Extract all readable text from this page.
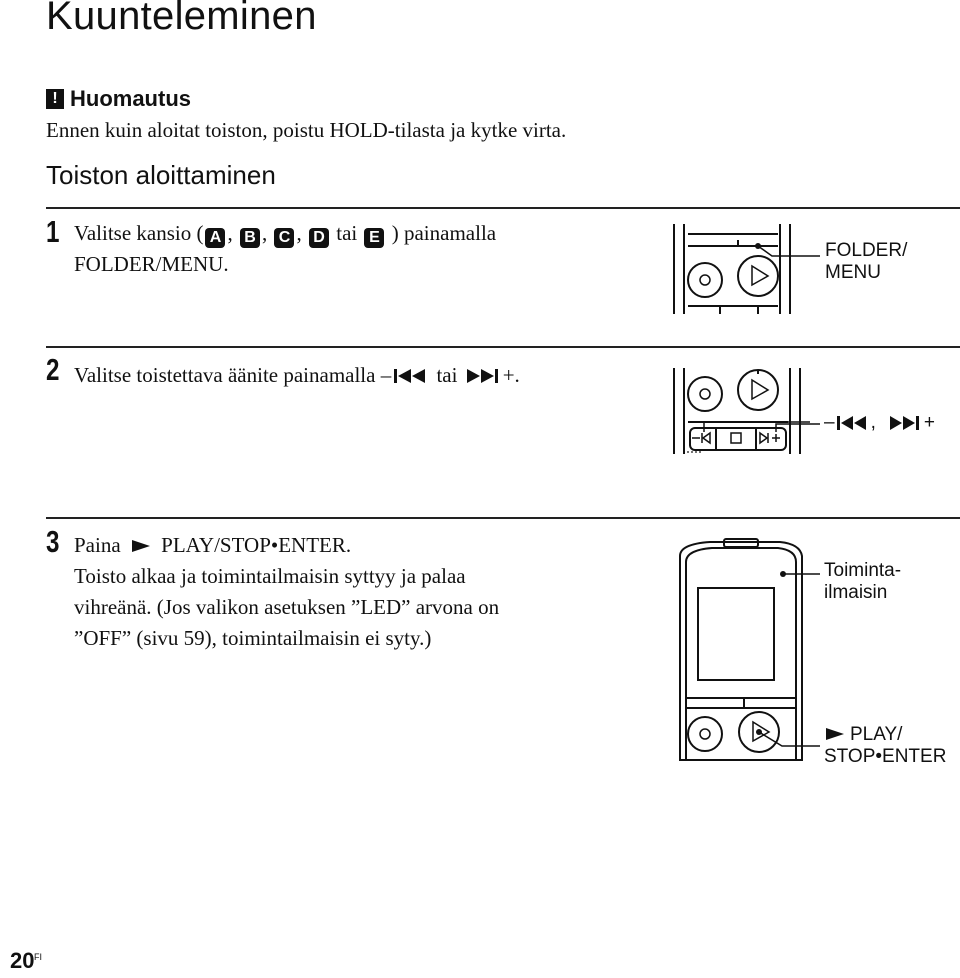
Kuunteleminen
! Huomautus
Ennen kuin aloitat toiston, poistu HOLD-tilasta ja kytke virta.
Toiston aloittaminen
1 Valitse kansio ( A , B , C , D tai E ) painamalla
FOLDER/MENU.
FOLDER/
MENU
2 Valitse toistettava äänite painamalla – tai +.
– ,	+
3 Paina PLAY/STOP•ENTER.
Toisto alkaa ja toimintailmaisin syttyy ja palaa
vihreänä. (Jos valikon asetuksen ”LED” arvona on
”OFF” (sivu 59), toimintailmaisin ei syty.)
Toiminta-
ilmaisin
PLAY/
STOP•ENTER
20 FI
